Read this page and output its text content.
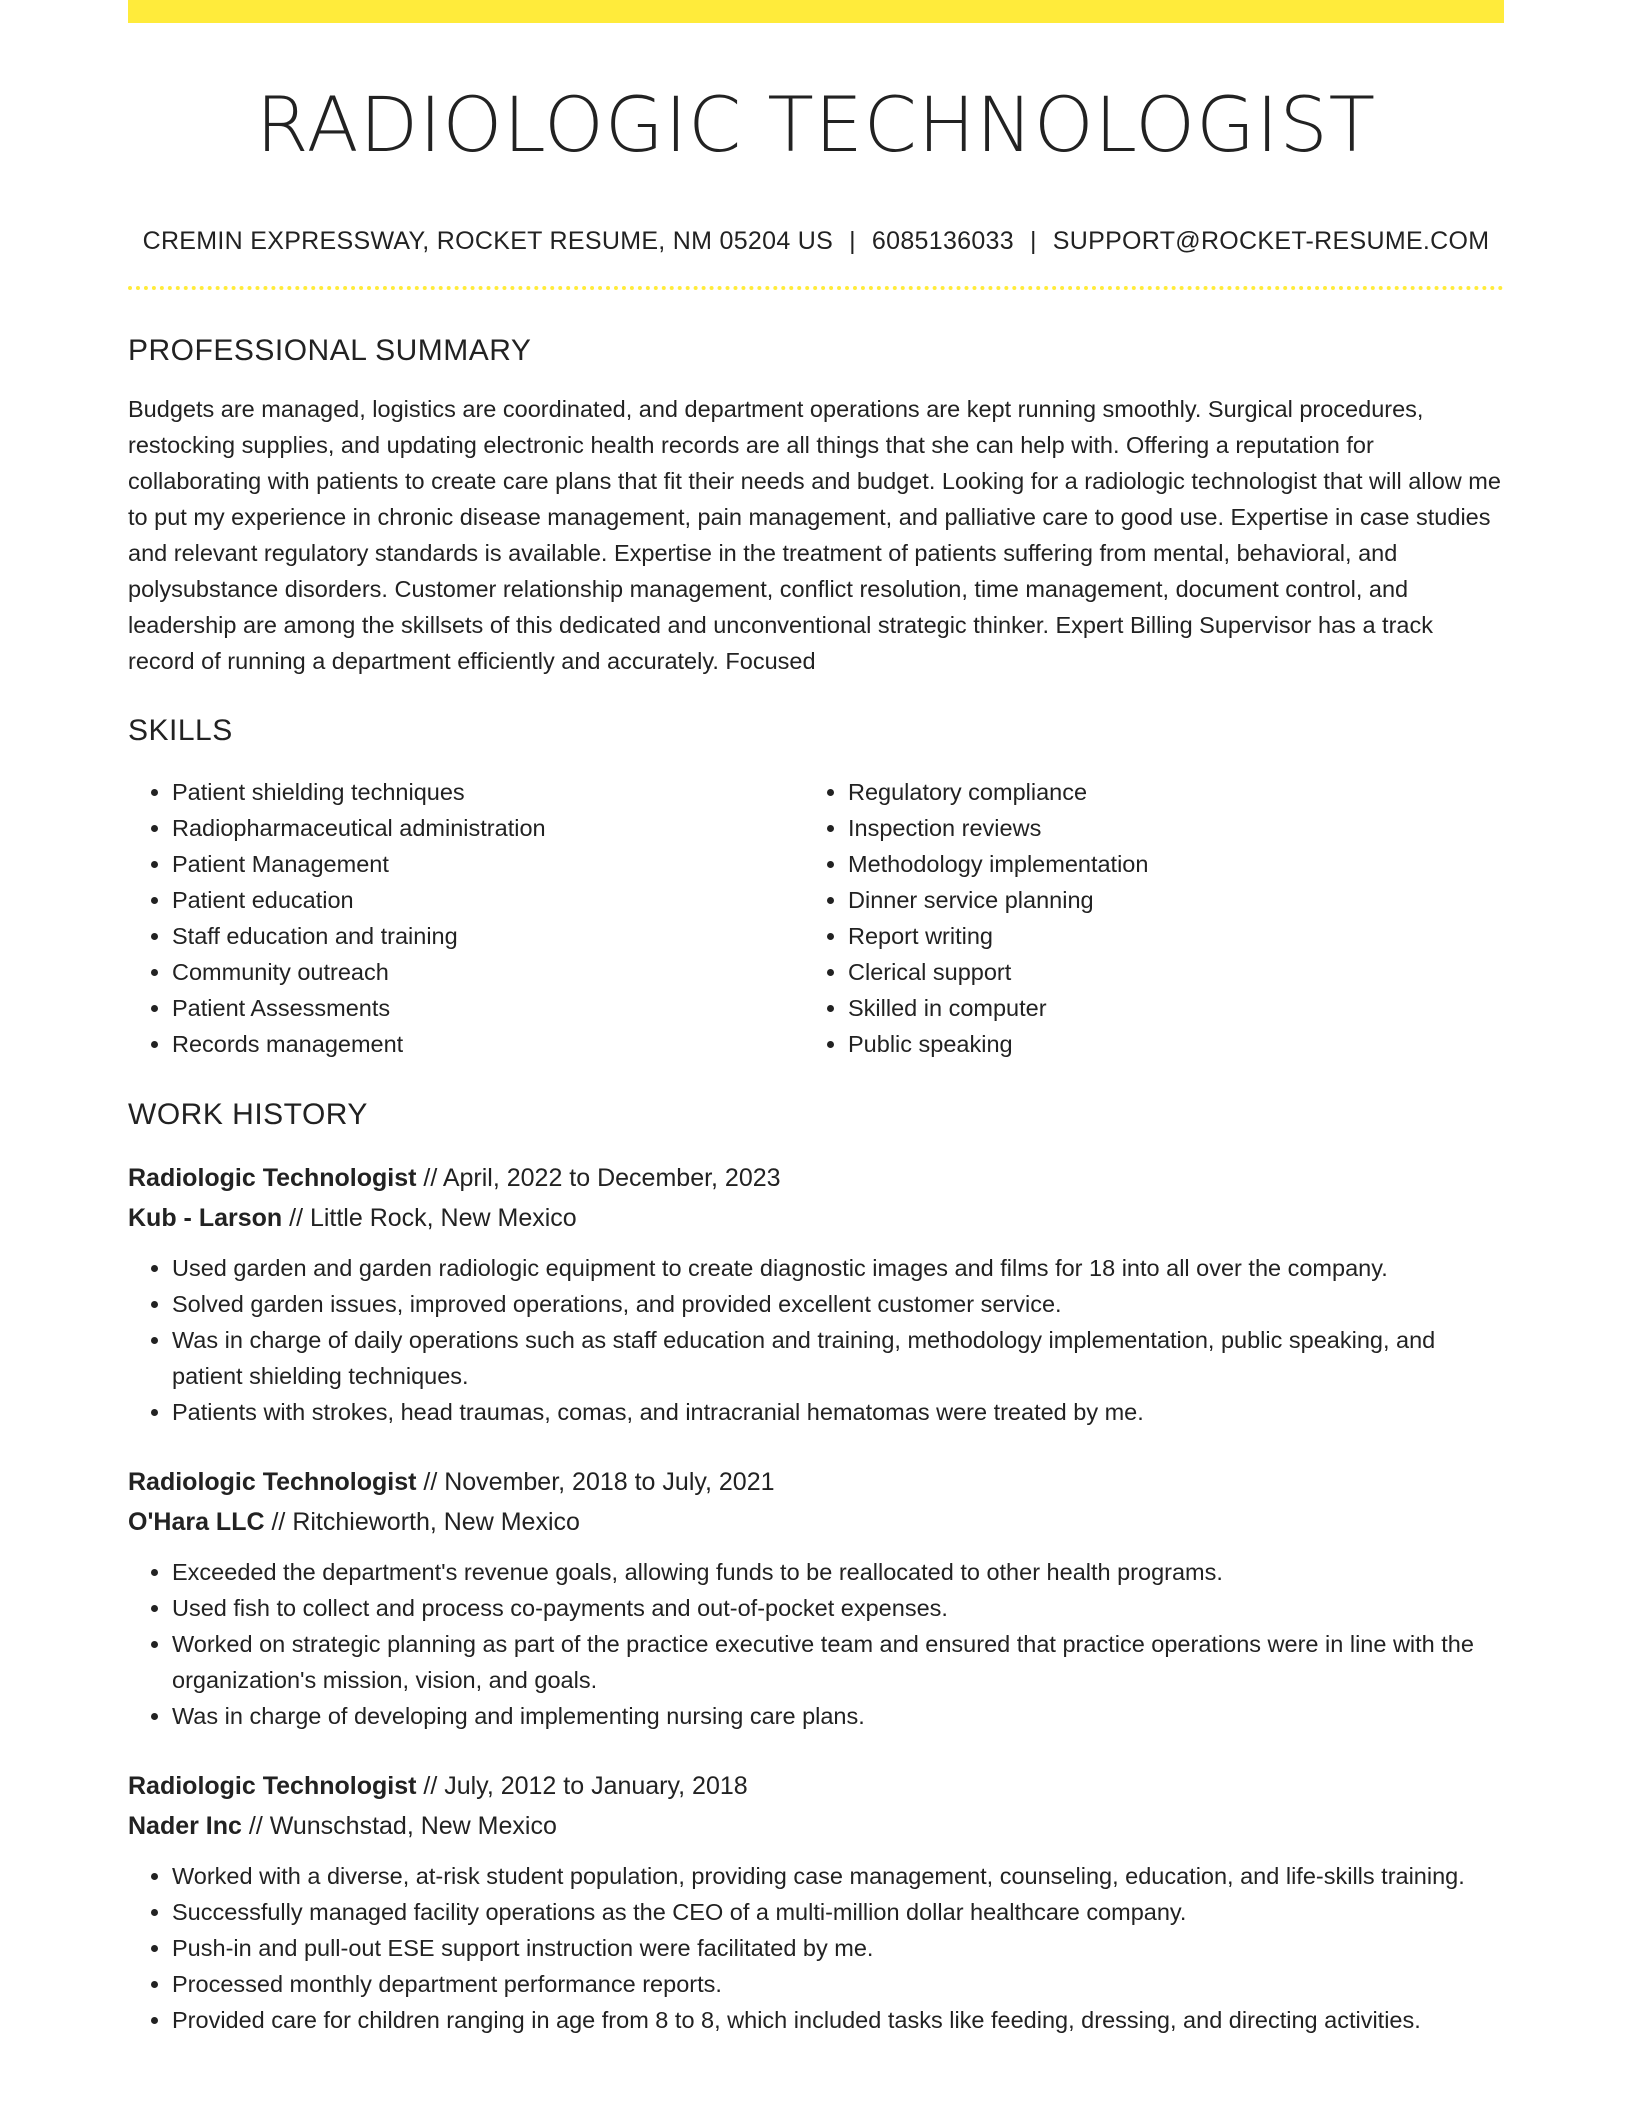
RADIOLOGIC TECHNOLOGIST
CREMIN EXPRESSWAY, ROCKET RESUME, NM 05204 US | 6085136033 | SUPPORT@ROCKET-RESUME.COM
PROFESSIONAL SUMMARY
Budgets are managed, logistics are coordinated, and department operations are kept running smoothly. Surgical procedures, restocking supplies, and updating electronic health records are all things that she can help with. Offering a reputation for collaborating with patients to create care plans that fit their needs and budget. Looking for a radiologic technologist that will allow me to put my experience in chronic disease management, pain management, and palliative care to good use. Expertise in case studies and relevant regulatory standards is available. Expertise in the treatment of patients suffering from mental, behavioral, and polysubstance disorders. Customer relationship management, conflict resolution, time management, document control, and leadership are among the skillsets of this dedicated and unconventional strategic thinker. Expert Billing Supervisor has a track record of running a department efficiently and accurately. Focused
SKILLS
• Patient shielding techniques
• Radiopharmaceutical administration
• Patient Management
• Patient education
• Staff education and training
• Community outreach
• Patient Assessments
• Records management
• Regulatory compliance
• Inspection reviews
• Methodology implementation
• Dinner service planning
• Report writing
• Clerical support
• Skilled in computer
• Public speaking
WORK HISTORY
Radiologic Technologist // April, 2022 to December, 2023
Kub - Larson // Little Rock, New Mexico
• Used garden and garden radiologic equipment to create diagnostic images and films for 18 into all over the company.
• Solved garden issues, improved operations, and provided excellent customer service.
• Was in charge of daily operations such as staff education and training, methodology implementation, public speaking, and patient shielding techniques.
• Patients with strokes, head traumas, comas, and intracranial hematomas were treated by me.
Radiologic Technologist // November, 2018 to July, 2021
O'Hara LLC // Ritchieworth, New Mexico
• Exceeded the department's revenue goals, allowing funds to be reallocated to other health programs.
• Used fish to collect and process co-payments and out-of-pocket expenses.
• Worked on strategic planning as part of the practice executive team and ensured that practice operations were in line with the organization's mission, vision, and goals.
• Was in charge of developing and implementing nursing care plans.
Radiologic Technologist // July, 2012 to January, 2018
Nader Inc // Wunschstad, New Mexico
• Worked with a diverse, at-risk student population, providing case management, counseling, education, and life-skills training.
• Successfully managed facility operations as the CEO of a multi-million dollar healthcare company.
• Push-in and pull-out ESE support instruction were facilitated by me.
• Processed monthly department performance reports.
• Provided care for children ranging in age from 8 to 8, which included tasks like feeding, dressing, and directing activities.
